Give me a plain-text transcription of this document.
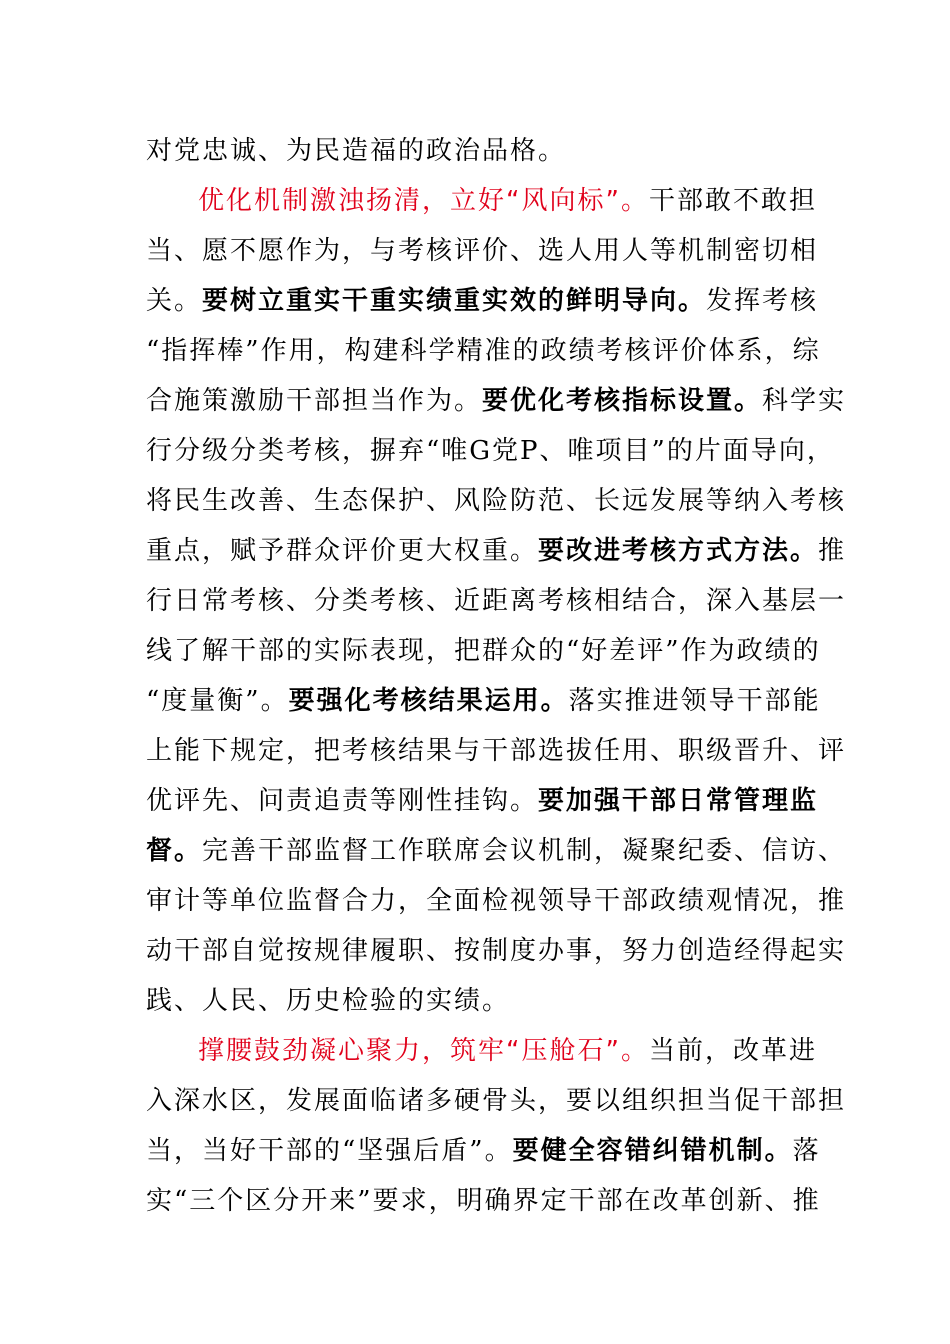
对党忠诚、为民造福的政治品格。
优化机制激浊扬清，立好“风向标”。干部敢不敢担
当、愿不愿作为，与考核评价、选人用人等机制密切相
关。要树立重实干重实绩重实效的鲜明导向。发挥考核
“指挥棒”作用，构建科学精准的政绩考核评价体系，综
合施策激励干部担当作为。要优化考核指标设置。科学实
行分级分类考核，摒弃“唯G党P、唯项目”的片面导向，
将民生改善、生态保护、风险防范、长远发展等纳入考核
重点，赋予群众评价更大权重。要改进考核方式方法。推
行日常考核、分类考核、近距离考核相结合，深入基层一
线了解干部的实际表现，把群众的“好差评”作为政绩的
“度量衡”。要强化考核结果运用。落实推进领导干部能
上能下规定，把考核结果与干部选拔任用、职级晋升、评
优评先、问责追责等刚性挂钩。要加强干部日常管理监
督。完善干部监督工作联席会议机制，凝聚纪委、信访、
审计等单位监督合力，全面检视领导干部政绩观情况，推
动干部自觉按规律履职、按制度办事，努力创造经得起实
践、人民、历史检验的实绩。
撑腰鼓劲凝心聚力，筑牢“压舱石”。当前，改革进
入深水区，发展面临诸多硬骨头，要以组织担当促干部担
当，当好干部的“坚强后盾”。要健全容错纠错机制。落
实“三个区分开来”要求，明确界定干部在改革创新、推
